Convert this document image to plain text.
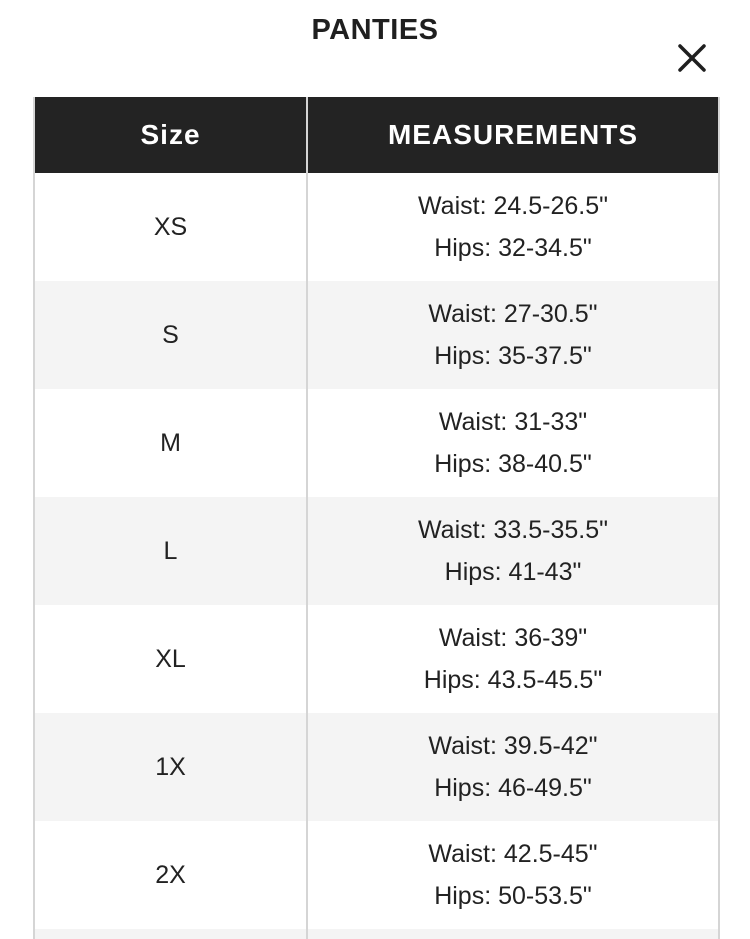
PANTIES
Size	MEASUREMENTS
XS	Waist: 24.5-26.5"
Hips: 32-34.5"

S	Waist: 27-30.5"
Hips: 35-37.5"

M	Waist: 31-33"
Hips: 38-40.5"

L	Waist: 33.5-35.5"
Hips: 41-43"

XL	Waist: 36-39"
Hips: 43.5-45.5"

1X	Waist: 39.5-42"
Hips: 46-49.5"

2X	Waist: 42.5-45"
Hips: 50-53.5"
